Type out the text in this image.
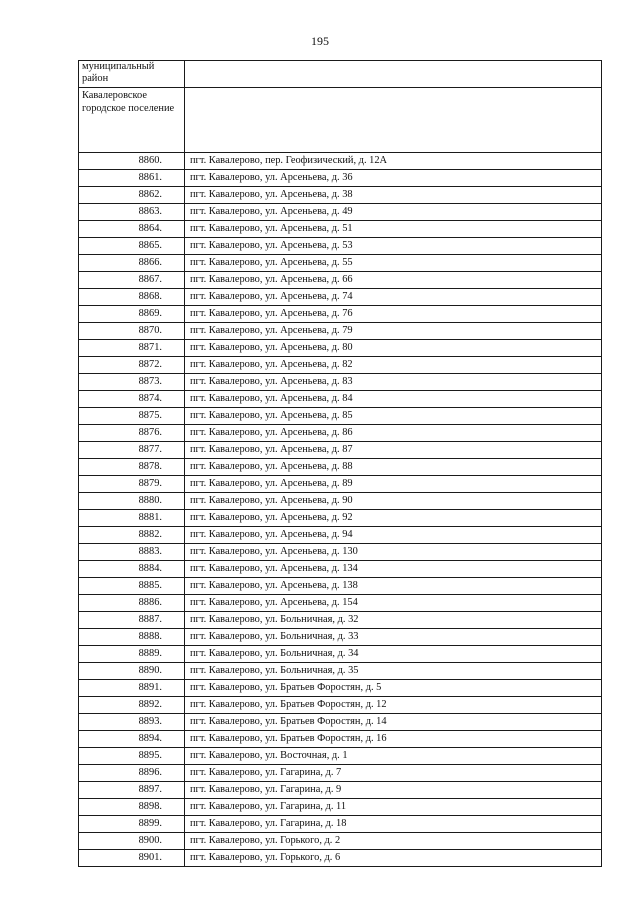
195
муниципальный район	
Кавалеровское городское поселение	
8860.	пгт. Кавалерово, пер. Геофизический, д. 12А
8861.	пгт. Кавалерово, ул. Арсеньева, д. 36
8862.	пгт. Кавалерово, ул. Арсеньева, д. 38
8863.	пгт. Кавалерово, ул. Арсеньева, д. 49
8864.	пгт. Кавалерово, ул. Арсеньева, д. 51
8865.	пгт. Кавалерово, ул. Арсеньева, д. 53
8866.	пгт. Кавалерово, ул. Арсеньева, д. 55
8867.	пгт. Кавалерово, ул. Арсеньева, д. 66
8868.	пгт. Кавалерово, ул. Арсеньева, д. 74
8869.	пгт. Кавалерово, ул. Арсеньева, д. 76
8870.	пгт. Кавалерово, ул. Арсеньева, д. 79
8871.	пгт. Кавалерово, ул. Арсеньева, д. 80
8872.	пгт. Кавалерово, ул. Арсеньева, д. 82
8873.	пгт. Кавалерово, ул. Арсеньева, д. 83
8874.	пгт. Кавалерово, ул. Арсеньева, д. 84
8875.	пгт. Кавалерово, ул. Арсеньева, д. 85
8876.	пгт. Кавалерово, ул. Арсеньева, д. 86
8877.	пгт. Кавалерово, ул. Арсеньева, д. 87
8878.	пгт. Кавалерово, ул. Арсеньева, д. 88
8879.	пгт. Кавалерово, ул. Арсеньева, д. 89
8880.	пгт. Кавалерово, ул. Арсеньева, д. 90
8881.	пгт. Кавалерово, ул. Арсеньева, д. 92
8882.	пгт. Кавалерово, ул. Арсеньева, д. 94
8883.	пгт. Кавалерово, ул. Арсеньева, д. 130
8884.	пгт. Кавалерово, ул. Арсеньева, д. 134
8885.	пгт. Кавалерово, ул. Арсеньева, д. 138
8886.	пгт. Кавалерово, ул. Арсеньева, д. 154
8887.	пгт. Кавалерово, ул. Больничная, д. 32
8888.	пгт. Кавалерово, ул. Больничная, д. 33
8889.	пгт. Кавалерово, ул. Больничная, д. 34
8890.	пгт. Кавалерово, ул. Больничная, д. 35
8891.	пгт. Кавалерово, ул. Братьев Форостян, д. 5
8892.	пгт. Кавалерово, ул. Братьев Форостян, д. 12
8893.	пгт. Кавалерово, ул. Братьев Форостян, д. 14
8894.	пгт. Кавалерово, ул. Братьев Форостян, д. 16
8895.	пгт. Кавалерово, ул. Восточная, д. 1
8896.	пгт. Кавалерово, ул. Гагарина, д. 7
8897.	пгт. Кавалерово, ул. Гагарина, д. 9
8898.	пгт. Кавалерово, ул. Гагарина, д. 11
8899.	пгт. Кавалерово, ул. Гагарина, д. 18
8900.	пгт. Кавалерово, ул. Горького, д. 2
8901.	пгт. Кавалерово, ул. Горького, д. 6
